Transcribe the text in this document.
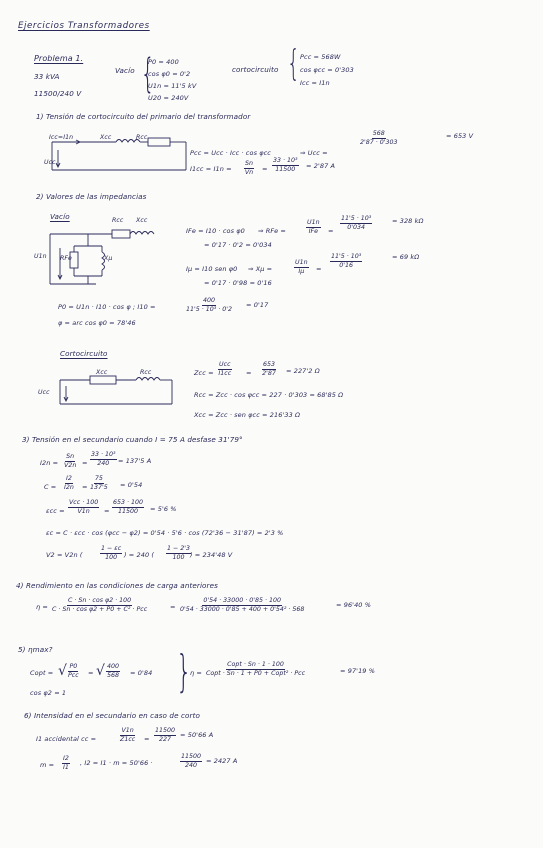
Ejercicios Transformadores
Problema 1.
33 kVA
11500/240 V
Vacío {
P0 = 400
cos φ0 = 0'2
U1n = 11'5 kV
U20 = 240V
cortocircuito { Pcc = 568W
cos φcc = 0'303
Icc = I1n
1) Tensión de cortocircuito del primario del transformador
Icc=I1n	Xcc	Rcc
Ucc
Pcc = Ucc · Icc · cos φcc	⇒ Ucc =
$\frac{568}{2'87 \cdot 0'303}$	= 653 V
$I1cc = I1n = \frac{Sn}{Vn} = \frac{\text{33 · 10³}}{11500} = 2'87$ A
2) Valores de las impedancias
Vacío	Rcc Xcc
U1n RFe	Xμ
IFe = I10 · cos φ0 ⇒ RFe =
U1n
IFe = $\frac{\text{11'5 · 10³}}{0'034}$	= 328 kΩ
= 0'17 · 0'2 = 0'034
Iμ = I10 sen φ0 ⇒ Xμ =	$\frac{U1n}{I\mu} = \frac{\text{11'5 · 10³}}{0'16}$	= 69 kΩ
= 0'17 · 0'98 = 0'16
P0 = U1n · I10 · cos φ ; I10 =	$\frac{400}{\text{11'5 · 10³ · 0'2}} = 0'17$
φ = arc cos φ0 = 78'46
Cortocircuito
Xcc	Rcc
Ucc
Zcc =
Ucc
$I1cc = \frac{653}{2'87} = 227'2$ Ω
Rcc = Zcc · cos φcc = 227 · 0'303 = 68'85 Ω
Xcc = Zcc · sen φcc = 216'33 Ω
3) Tensión en el secundario cuando I = 75 A desfase 31'79°
$I2n = \frac{Sn}{V2n} = \frac{\text{33 · 10³}}{240} = 137'5$ A
$C = \frac{I2}{I2n} = \frac{75}{137'5} = 0'54$
εcc =
Vcc · 100
$V1n = \frac{653 \cdot 100}{11500} = 5'6$ %
εc = C · εcc · cos (φcc − φ2) = 0'54 · 5'6 · cos (72'36 − 31'87) = 2'3 %
V2 = V2n (	$\frac{1 - \varepsilon c}{100}$ ) = 240 ( $\frac{1 - 2'3}{100}$
) = 234'48 V
4) Rendimiento en las condiciones de carga anteriores
η =
C · Sn · cos φ2 · 100
C · Sn · cos φ2 + P0 + C² · Pcc	= $\frac{0'54 \cdot 33000 \cdot 0'85 \cdot 100}{\text{0'54 · 33000 · 0'85 + 400 + 0'54² · 568}}$	= 96'40 %
5) ηmax?
Copt = √ P0
Pcc = √ $\frac{400}{568} = 0'84$
cos φ2 = 1	}
η =
Copt · Sn · 1 · 100
Copt · Sn · 1 + P0 + Copt² · Pcc	= 97'19 %
6) Intensidad en el secundario en caso de corto
I1 accidental cc =	$\frac{V1n}{Z1cc} = \frac{11500}{227} = 50'66$ A
$m = \frac{I2}{I1}$ , I2 = I1 · m = 50'66 ·	$\frac{11500}{240} = 2427$ A
